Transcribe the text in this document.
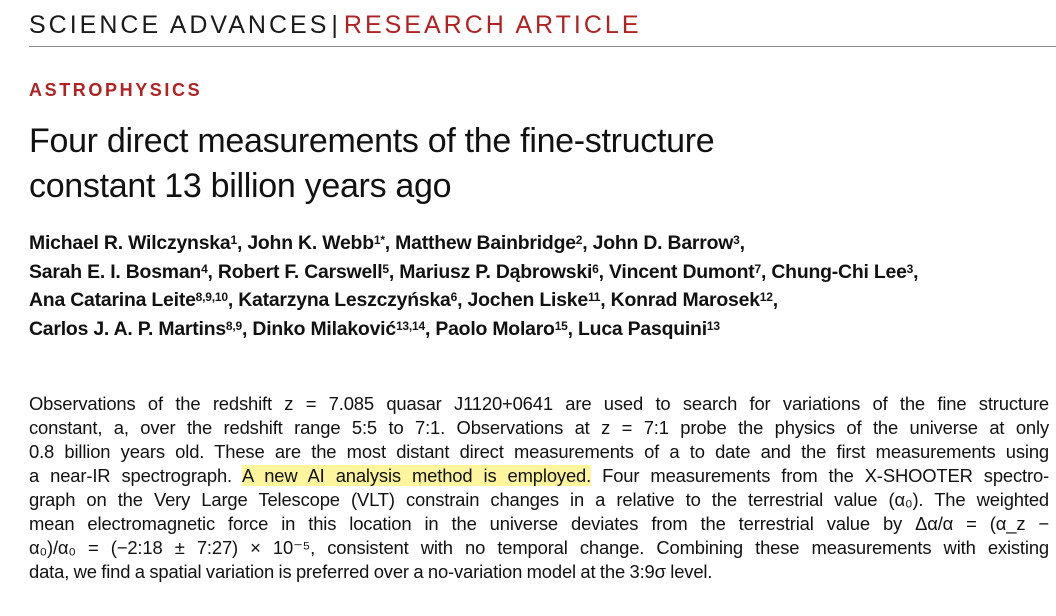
SCIENCE ADVANCES| RESEARCH ARTICLE
ASTROPHYSICS
Four direct measurements of the fine-structure
constant 13 billion years ago
Michael R. Wilczynska$^1$, John K. Webb$^{1*}$, Matthew Bainbridge$^2$, John D. Barrow$^3$,
Sarah E. I. Bosman$^4$, Robert F. Carswell$^5$, Mariusz P. Dąbrowski$^6$, Vincent Dumont$^7$, Chung-Chi Lee$^3$,
Ana Catarina Leite$^{8,9,10}$, Katarzyna Leszczyńska$^6$, Jochen Liske$^{11}$, Konrad Marosek$^{12}$,
Carlos J. A. P. Martins$^{8,9}$, Dinko Milaković$^{13,14}$, Paolo Molaro$^{15}$, Luca Pasquini$^{13}$
Observations of the redshift z = 7.085 quasar J1120+0641 are used to search for variations of the fine structure
constant, a, over the redshift range 5:5 to 7:1. Observations at z = 7:1 probe the physics of the universe at only
0.8 billion years old. These are the most distant direct measurements of a to date and the first measurements using
a near-IR spectrograph. A new AI analysis method is employed. Four measurements from the X-SHOOTER spectro-
graph on the Very Large Telescope (VLT) constrain changes in a relative to the terrestrial value (α₀). The weighted
mean electromagnetic force in this location in the universe deviates from the terrestrial value by Δα/α = (α_z −
α₀)/α₀ = (−2:18 ± 7:27) × 10⁻⁵, consistent with no temporal change. Combining these measurements with existing
data, we find a spatial variation is preferred over a no-variation model at the 3:9σ level.
